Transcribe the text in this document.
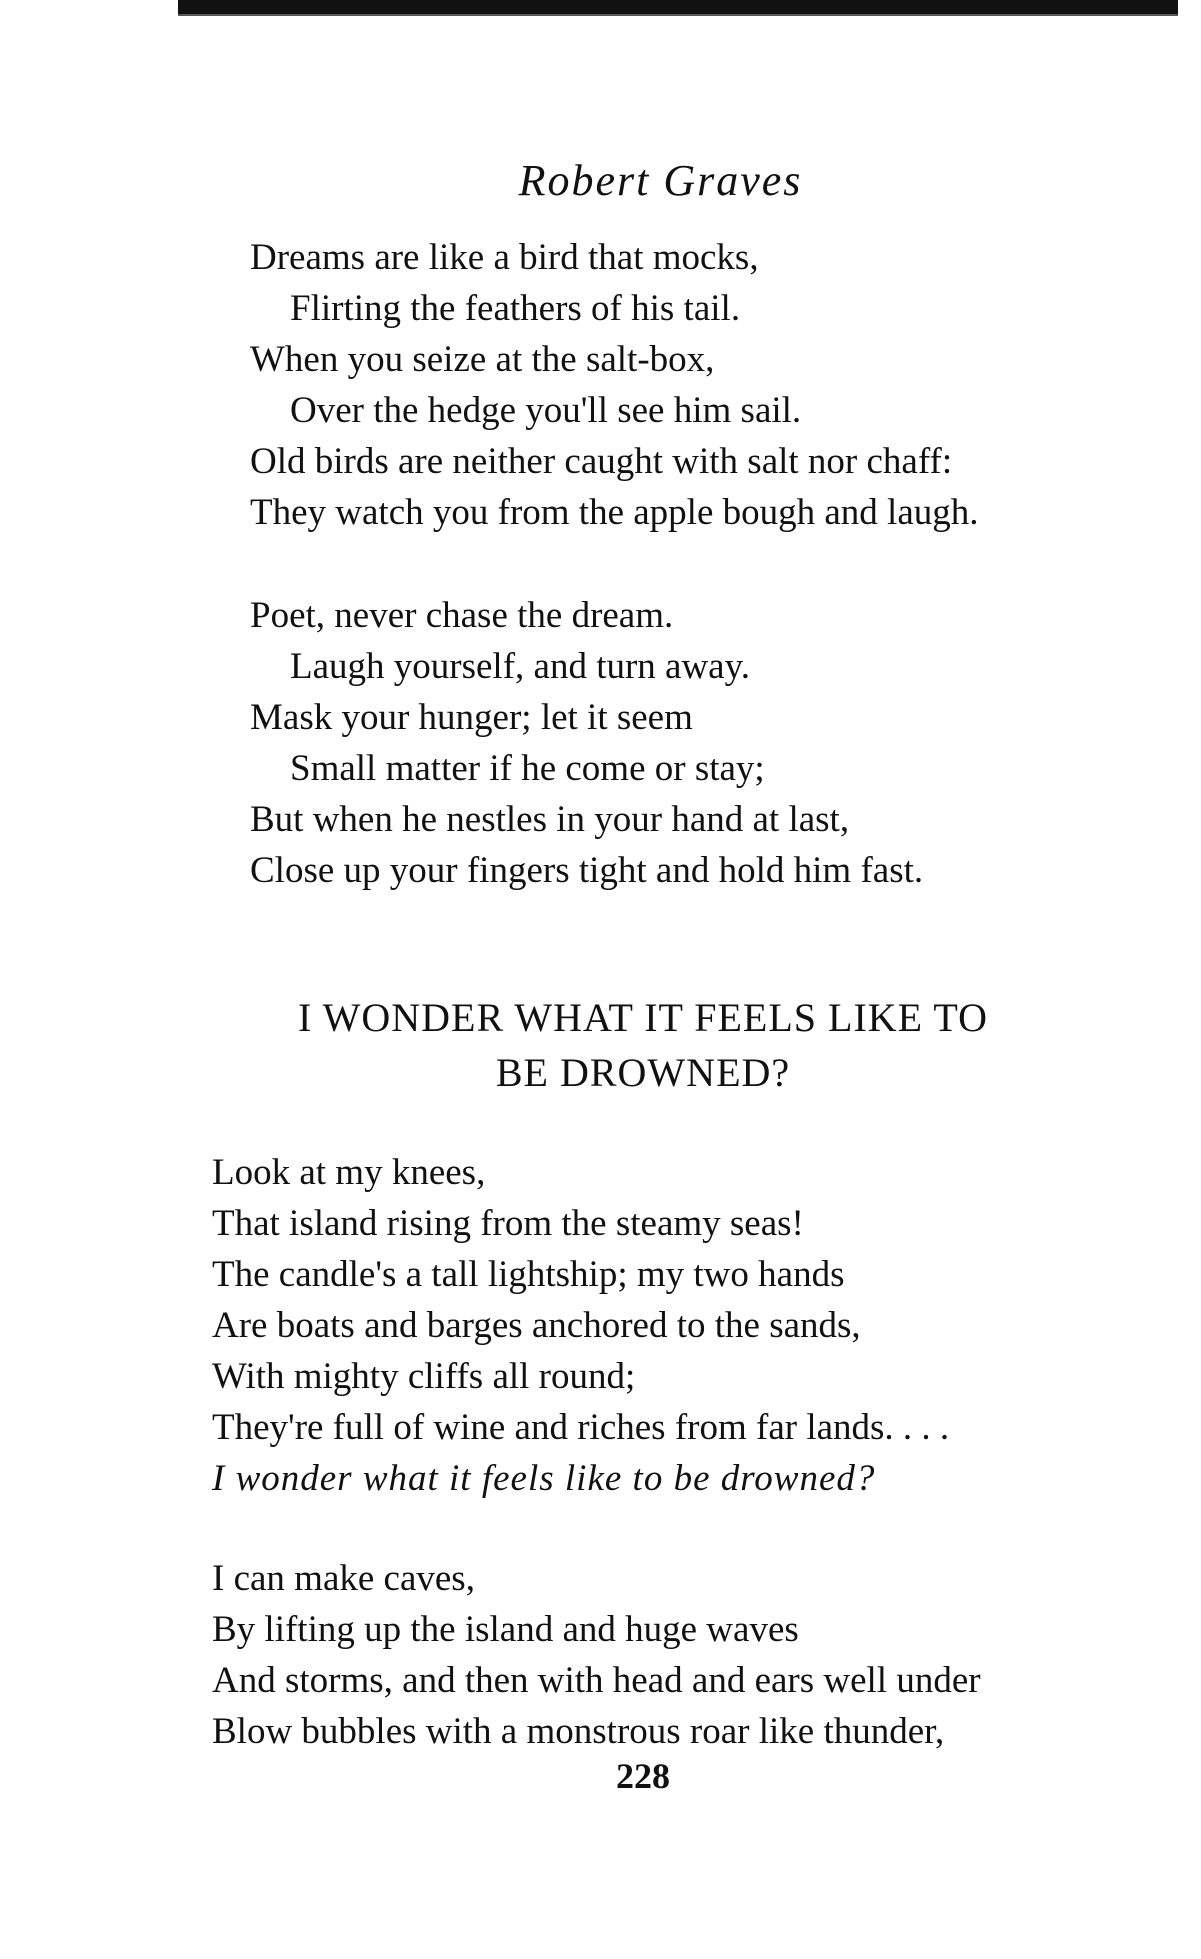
Robert Graves
Dreams are like a bird that mocks,
Flirting the feathers of his tail.
When you seize at the salt-box,
Over the hedge you'll see him sail.
Old birds are neither caught with salt nor chaff:
They watch you from the apple bough and laugh.
Poet, never chase the dream.
Laugh yourself, and turn away.
Mask your hunger; let it seem
Small matter if he come or stay;
But when he nestles in your hand at last,
Close up your fingers tight and hold him fast.
I WONDER WHAT IT FEELS LIKE TO
BE DROWNED?
Look at my knees,
That island rising from the steamy seas!
The candle's a tall lightship; my two hands
Are boats and barges anchored to the sands,
With mighty cliffs all round;
They're full of wine and riches from far lands. . . .
I wonder what it feels like to be drowned?
I can make caves,
By lifting up the island and huge waves
And storms, and then with head and ears well under
Blow bubbles with a monstrous roar like thunder,
228
